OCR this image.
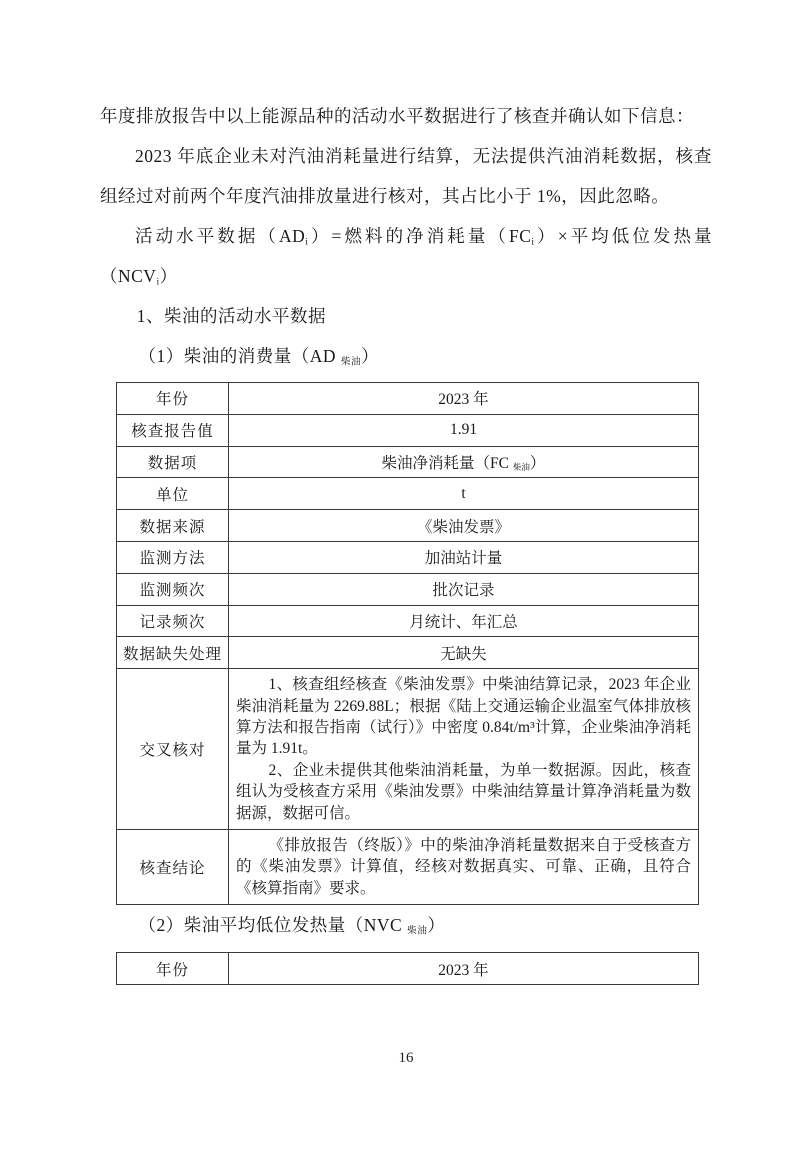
年度排放报告中以上能源品种的活动水平数据进行了核查并确认如下信息：

2023 年底企业未对汽油消耗量进行结算，无法提供汽油消耗数据，核查组经过对前两个年度汽油排放量进行核对，其占比小于 1%，因此忽略。

活动水平数据$(AD_i)=$燃料的净消耗量$(FC_i)\times$平均低位发热量$(NCV_i)$

1、柴油的活动水平数据

（1）柴油的消费量（AD $_{柴油}$）

年份	2023 年
核查报告值	1.91
数据项	柴油净消耗量（FC $_{柴油}$）
单位	t
数据来源	《柴油发票》
监测方法	加油站计量
监测频次	批次记录
记录频次	月统计、年汇总
数据缺失处理	无缺失
交叉核对	1、核查组经核查《柴油发票》中柴油结算记录，2023 年企业柴油消耗量为 2269.88L；根据《陆上交通运输企业温室气体排放核算方法和报告指南（试行）》中密度 0.84t/m³计算，企业柴油净消耗量为 1.91t。

2、企业未提供其他柴油消耗量，为单一数据源。因此，核查组认为受核查方采用《柴油发票》中柴油结算量计算净消耗量为数据源，数据可信。

核查结论	《排放报告（终版）》中的柴油净消耗量数据来自于受核查方的《柴油发票》计算值，经核对数据真实、可靠、正确，且符合《核算指南》要求。

（2）柴油平均低位发热量（NVC $_{柴油}$）

年份	2023 年
16
